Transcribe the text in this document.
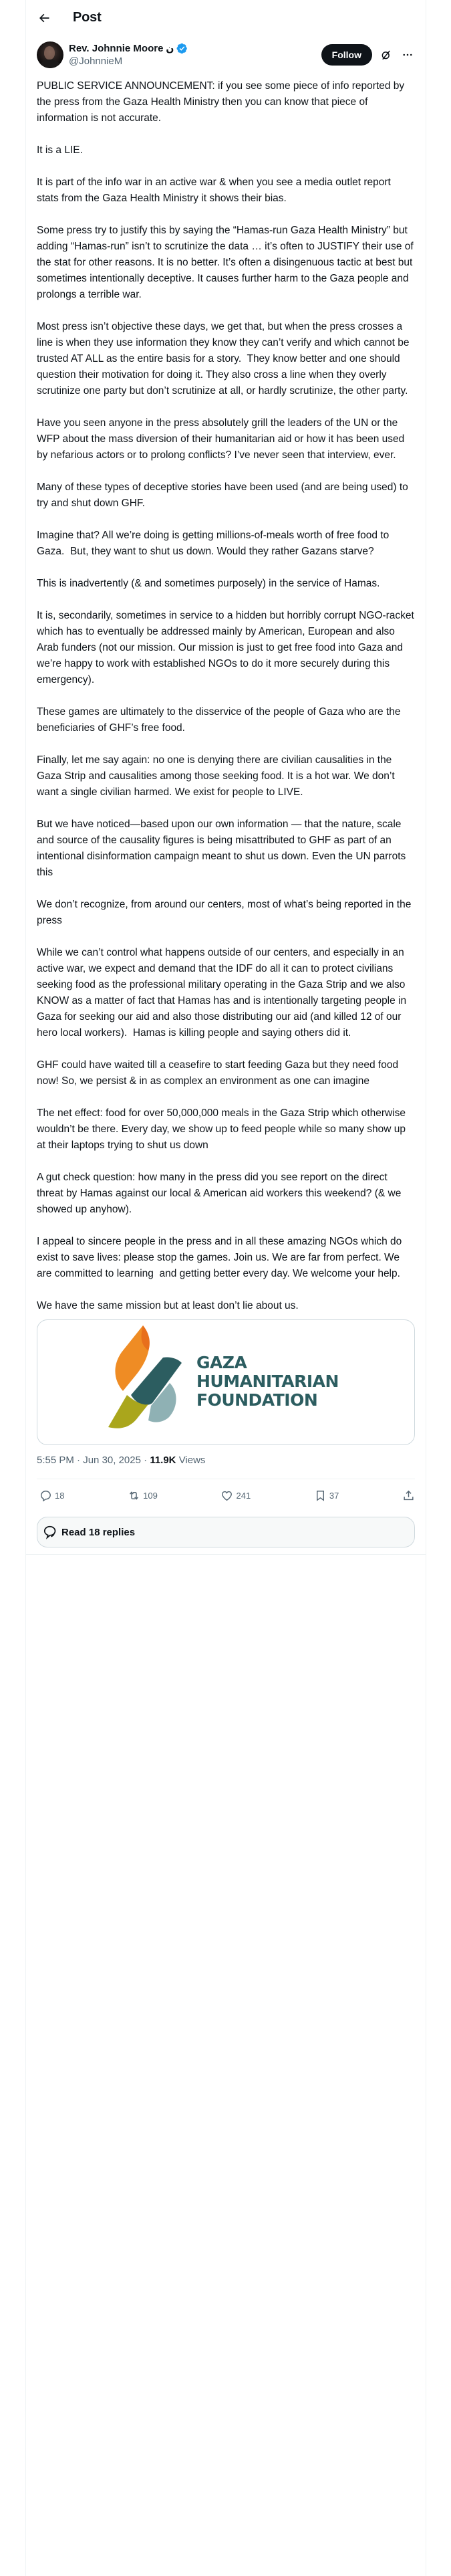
Post
Rev. Johnnie Moore ن
@JohnnieM
Follow

PUBLIC SERVICE ANNOUNCEMENT: if you see some piece of info reported by the press from the Gaza Health Ministry then you can know that piece of information is not accurate.

It is a LIE.

It is part of the info war in an active war & when you see a media outlet report stats from the Gaza Health Ministry it shows their bias.

Some press try to justify this by saying the “Hamas-run Gaza Health Ministry” but adding “Hamas-run” isn’t to scrutinize the data … it’s often to JUSTIFY their use of the stat for other reasons. It is no better. It’s often a disingenuous tactic at best but sometimes intentionally deceptive. It causes further harm to the Gaza people and prolongs a terrible war.

Most press isn’t objective these days, we get that, but when the press crosses a line is when they use information they know they can’t verify and which cannot be trusted AT ALL as the entire basis for a story.  They know better and one should question their motivation for doing it. They also cross a line when they overly scrutinize one party but don’t scrutinize at all, or hardly scrutinize, the other party.

Have you seen anyone in the press absolutely grill the leaders of the UN or the WFP about the mass diversion of their humanitarian aid or how it has been used by nefarious actors or to prolong conflicts? I’ve never seen that interview, ever.

Many of these types of deceptive stories have been used (and are being used) to try and shut down GHF.

Imagine that? All we’re doing is getting millions-of-meals worth of free food to Gaza.  But, they want to shut us down. Would they rather Gazans starve?

This is inadvertently (& and sometimes purposely) in the service of Hamas.

It is, secondarily, sometimes in service to a hidden but horribly corrupt NGO-racket which has to eventually be addressed mainly by American, European and also Arab funders (not our mission. Our mission is just to get free food into Gaza and we’re happy to work with established NGOs to do it more securely during this emergency).

These games are ultimately to the disservice of the people of Gaza who are the beneficiaries of GHF’s free food.

Finally, let me say again: no one is denying there are civilian causalities in the Gaza Strip and causalities among those seeking food. It is a hot war. We don’t want a single civilian harmed. We exist for people to LIVE.

But we have noticed—based upon our own information — that the nature, scale and source of the causality figures is being misattributed to GHF as part of an intentional disinformation campaign meant to shut us down. Even the UN parrots this

We don’t recognize, from around our centers, most of what’s being reported in the press

While we can’t control what happens outside of our centers, and especially in an active war, we expect and demand that the IDF do all it can to protect civilians seeking food as the professional military operating in the Gaza Strip and we also KNOW as a matter of fact that Hamas has and is intentionally targeting people in Gaza for seeking our aid and also those distributing our aid (and killed 12 of our hero local workers).  Hamas is killing people and saying others did it.

GHF could have waited till a ceasefire to start feeding Gaza but they need food now! So, we persist & in as complex an environment as one can imagine

The net effect: food for over 50,000,000 meals in the Gaza Strip which otherwise wouldn’t be there. Every day, we show up to feed people while so many show up at their laptops trying to shut us down

A gut check question: how many in the press did you see report on the direct threat by Hamas against our local & American aid workers this weekend? (& we showed up anyhow).

I appeal to sincere people in the press and in all these amazing NGOs which do exist to save lives: please stop the games. Join us. We are far from perfect. We are committed to learning  and getting better every day. We welcome your help.

We have the same mission but at least don’t lie about us.

GAZA
HUMANITARIAN
FOUNDATION
5:55 PM · Jun 30, 2025 · 11.9K Views
18	109	241	37
Read 18 replies
